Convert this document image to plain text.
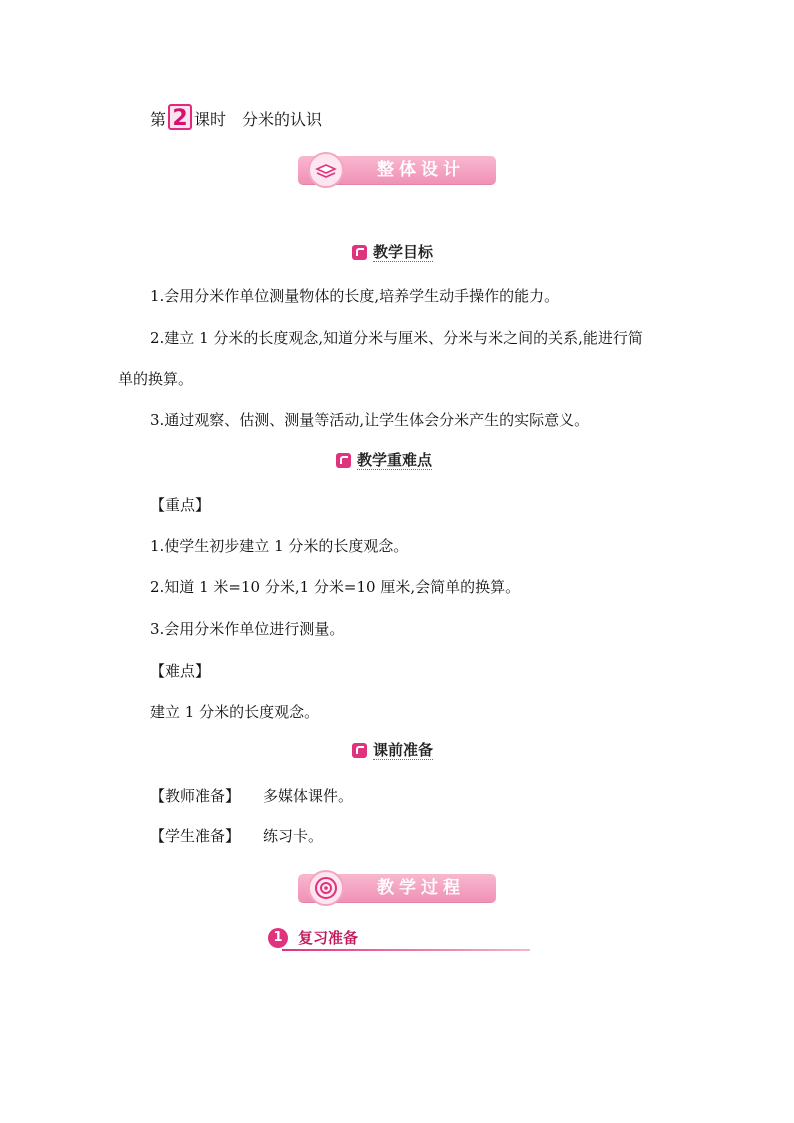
第 2 课时 分米的认识
整体设计
教学目标
1.会用分米作单位测量物体的长度,培养学生动手操作的能力。
2.建立 1 分米的长度观念,知道分米与厘米、分米与米之间的关系,能进行简
单的换算。
3.通过观察、估测、测量等活动,让学生体会分米产生的实际意义。
教学重难点
【重点】
1.使学生初步建立 1 分米的长度观念。
2.知道 1 米=10 分米,1 分米=10 厘米,会简单的换算。
3.会用分米作单位进行测量。
【难点】
建立 1 分米的长度观念。
课前准备
【教师准备】 多媒体课件。
【学生准备】 练习卡。
教学过程
1	复习准备
